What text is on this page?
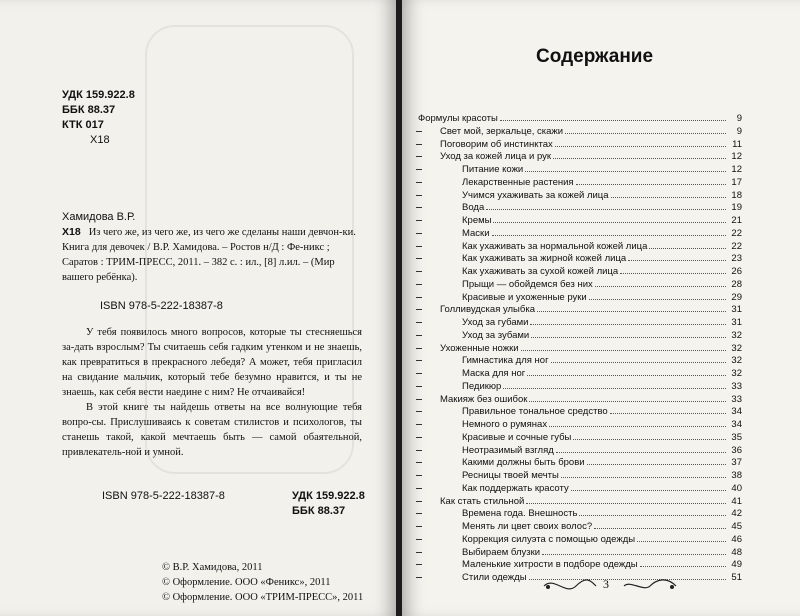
УДК 159.922.8
ББК 88.37
КТК 017
Х18
Хамидова В.Р.
Х18 Из чего же, из чего же, из чего же сделаны наши девчон-ки. Книга для девочек / В.Р. Хамидова. – Ростов н/Д : Фе-никс ; Саратов : ТРИМ-ПРЕСС, 2011. – 382 с. : ил., [8] л.ил. – (Мир вашего ребёнка).
ISBN 978-5-222-18387-8

У тебя появилось много вопросов, которые ты стесняешься за-дать взрослым? Ты считаешь себя гадким утенком и не знаешь, как превратиться в прекрасного лебедя? А может, тебя пригласил на свидание мальчик, который тебе безумно нравится, и ты не знаешь, как себя вести наедине с ним? Не отчаивайся!

В этой книге ты найдешь ответы на все волнующие тебя вопро-сы. Прислушиваясь к советам стилистов и психологов, ты станешь такой, какой мечтаешь быть — самой обаятельной, привлекатель-ной и умной.

ISBN 978-5-222-18387-8	УДК 159.922.8
ББК 88.37
© В.Р. Хамидова, 2011
© Оформление. ООО «Феникс», 2011
© Оформление. ООО «ТРИМ-ПРЕСС», 2011
Содержание
Формулы красоты	9
Свет мой, зеркальце, скажи	9
Поговорим об инстинктах	11
Уход за кожей лица и рук	12
Питание кожи	12
Лекарственные растения	17
Учимся ухаживать за кожей лица	18
Вода	19
Кремы	21
Маски	22
Как ухаживать за нормальной кожей лица	22
Как ухаживать за жирной кожей лица	23
Как ухаживать за сухой кожей лица	26
Прыщи — обойдемся без них	28
Красивые и ухоженные руки	29
Голливудская улыбка	31
Уход за губами	31
Уход за зубами	32
Ухоженные ножки	32
Гимнастика для ног	32
Маска для ног	32
Педикюр	33
Макияж без ошибок	33
Правильное тональное средство	34
Немного о румянах	34
Красивые и сочные губы	35
Неотразимый взгляд	36
Какими должны быть брови	37
Ресницы твоей мечты	38
Как поддержать красоту	40
Как стать стильной	41
Времена года. Внешность	42
Менять ли цвет своих волос?	45
Коррекция силуэта с помощью одежды	46
Выбираем блузки	48
Маленькие хитрости в подборе одежды	49
Стили одежды	51
3
